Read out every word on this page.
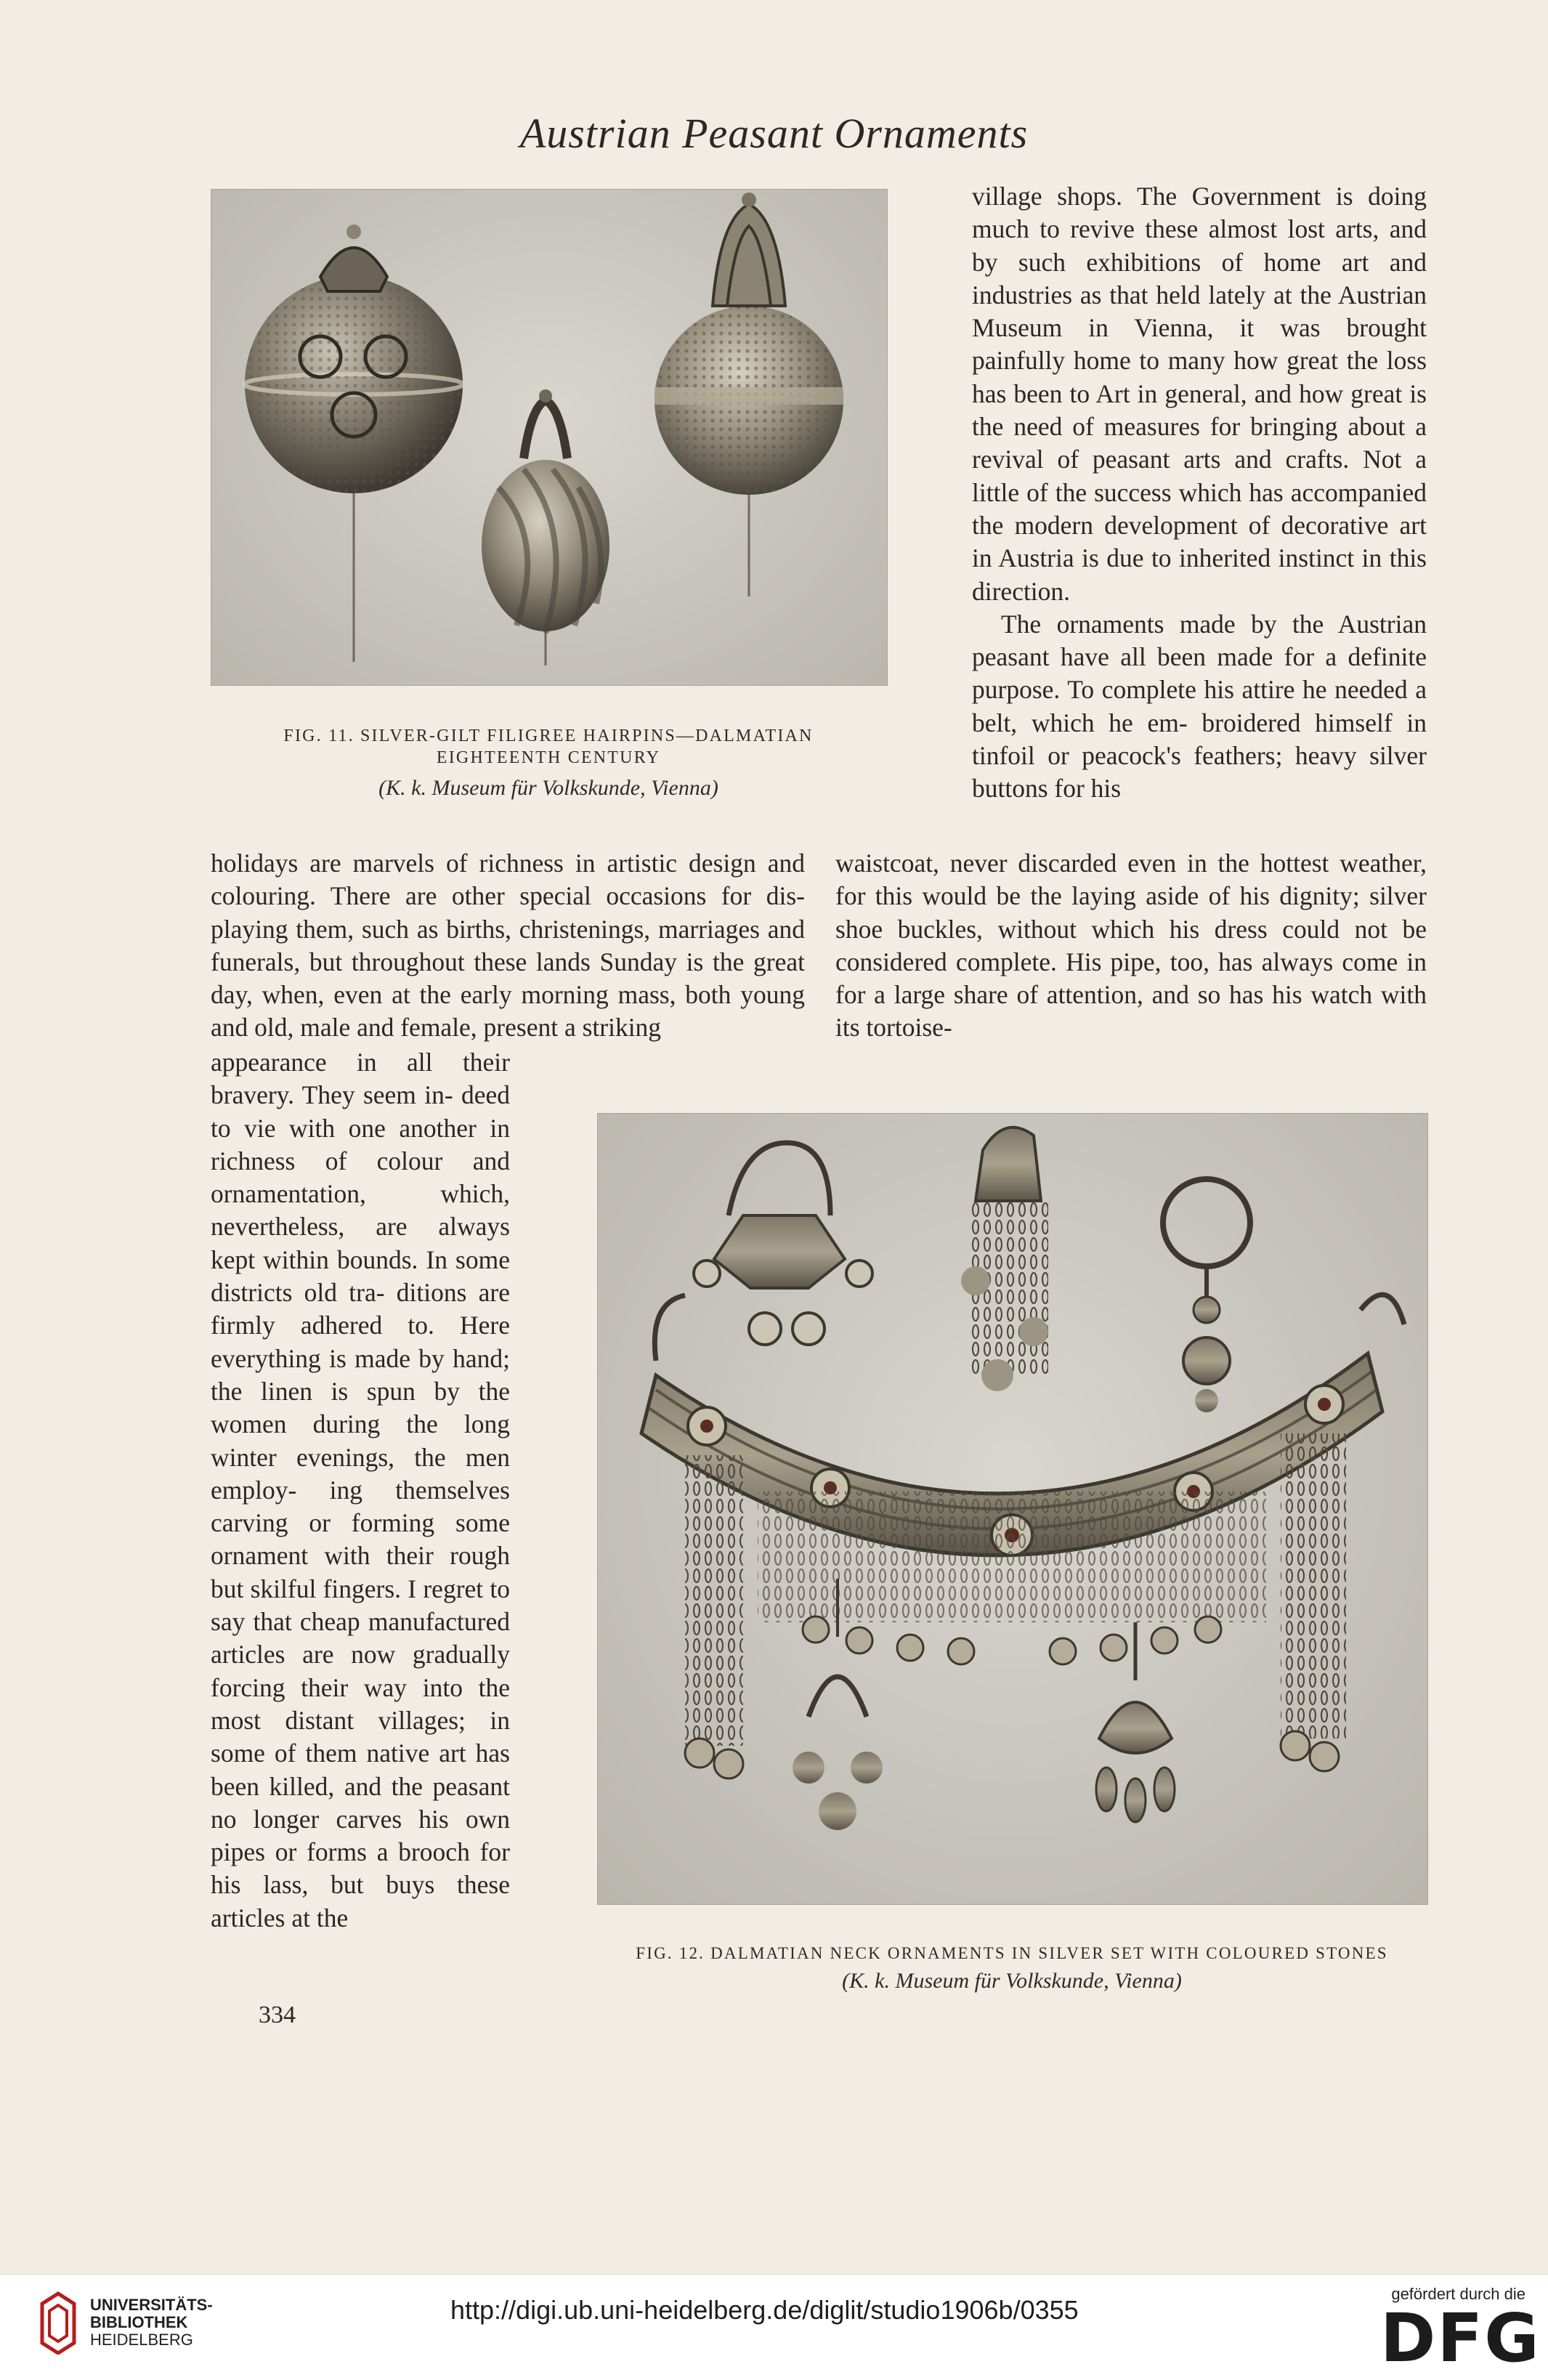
Austrian Peasant Ornaments
FIG. 11. SILVER-GILT FILIGREE HAIRPINS—DALMATIAN
EIGHTEENTH CENTURY
(K. k. Museum für Volkskunde, Vienna)

village shops. The Government is doing much to revive these almost lost arts, and by such exhibitions of home art and industries as that held lately at the Austrian Museum in Vienna, it was brought painfully home to many how great the loss has been to Art in general, and how great is the need of measures for bringing about a revival of peasant arts and crafts. Not a little of the success which has accompanied the modern development of decorative art in Austria is due to inherited instinct in this direction.

The ornaments made by the Austrian peasant have all been made for a definite purpose. To complete his attire he needed a belt, which he em- broidered himself in tinfoil or peacock's feathers; heavy silver buttons for his

holidays are marvels of richness in artistic design and colouring. There are other special occasions for dis- playing them, such as births, christenings, marriages and funerals, but throughout these lands Sunday is the great day, when, even at the early morning mass, both young and old, male and female, present a striking
waistcoat, never discarded even in the hottest weather, for this would be the laying aside of his dignity; silver shoe buckles, without which his dress could not be considered complete. His pipe, too, has always come in for a large share of attention, and so has his watch with its tortoise-
appearance in all their bravery. They seem in- deed to vie with one another in richness of colour and ornamentation, which, nevertheless, are always kept within bounds. In some districts old tra- ditions are firmly adhered to. Here everything is made by hand; the linen is spun by the women during the long winter evenings, the men employ- ing themselves carving or forming some ornament with their rough but skilful fingers. I regret to say that cheap manufactured articles are now gradually forcing their way into the most distant villages; in some of them native art has been killed, and the peasant no longer carves his own pipes or forms a brooch for his lass, but buys these articles at the
FIG. 12. DALMATIAN NECK ORNAMENTS IN SILVER SET WITH COLOURED STONES
(K. k. Museum für Volkskunde, Vienna)
334
UNIVERSITÄTS-
BIBLIOTHEK
HEIDELBERG
http://digi.ub.uni-heidelberg.de/diglit/studio1906b/0355
gefördert durch die
DFG
